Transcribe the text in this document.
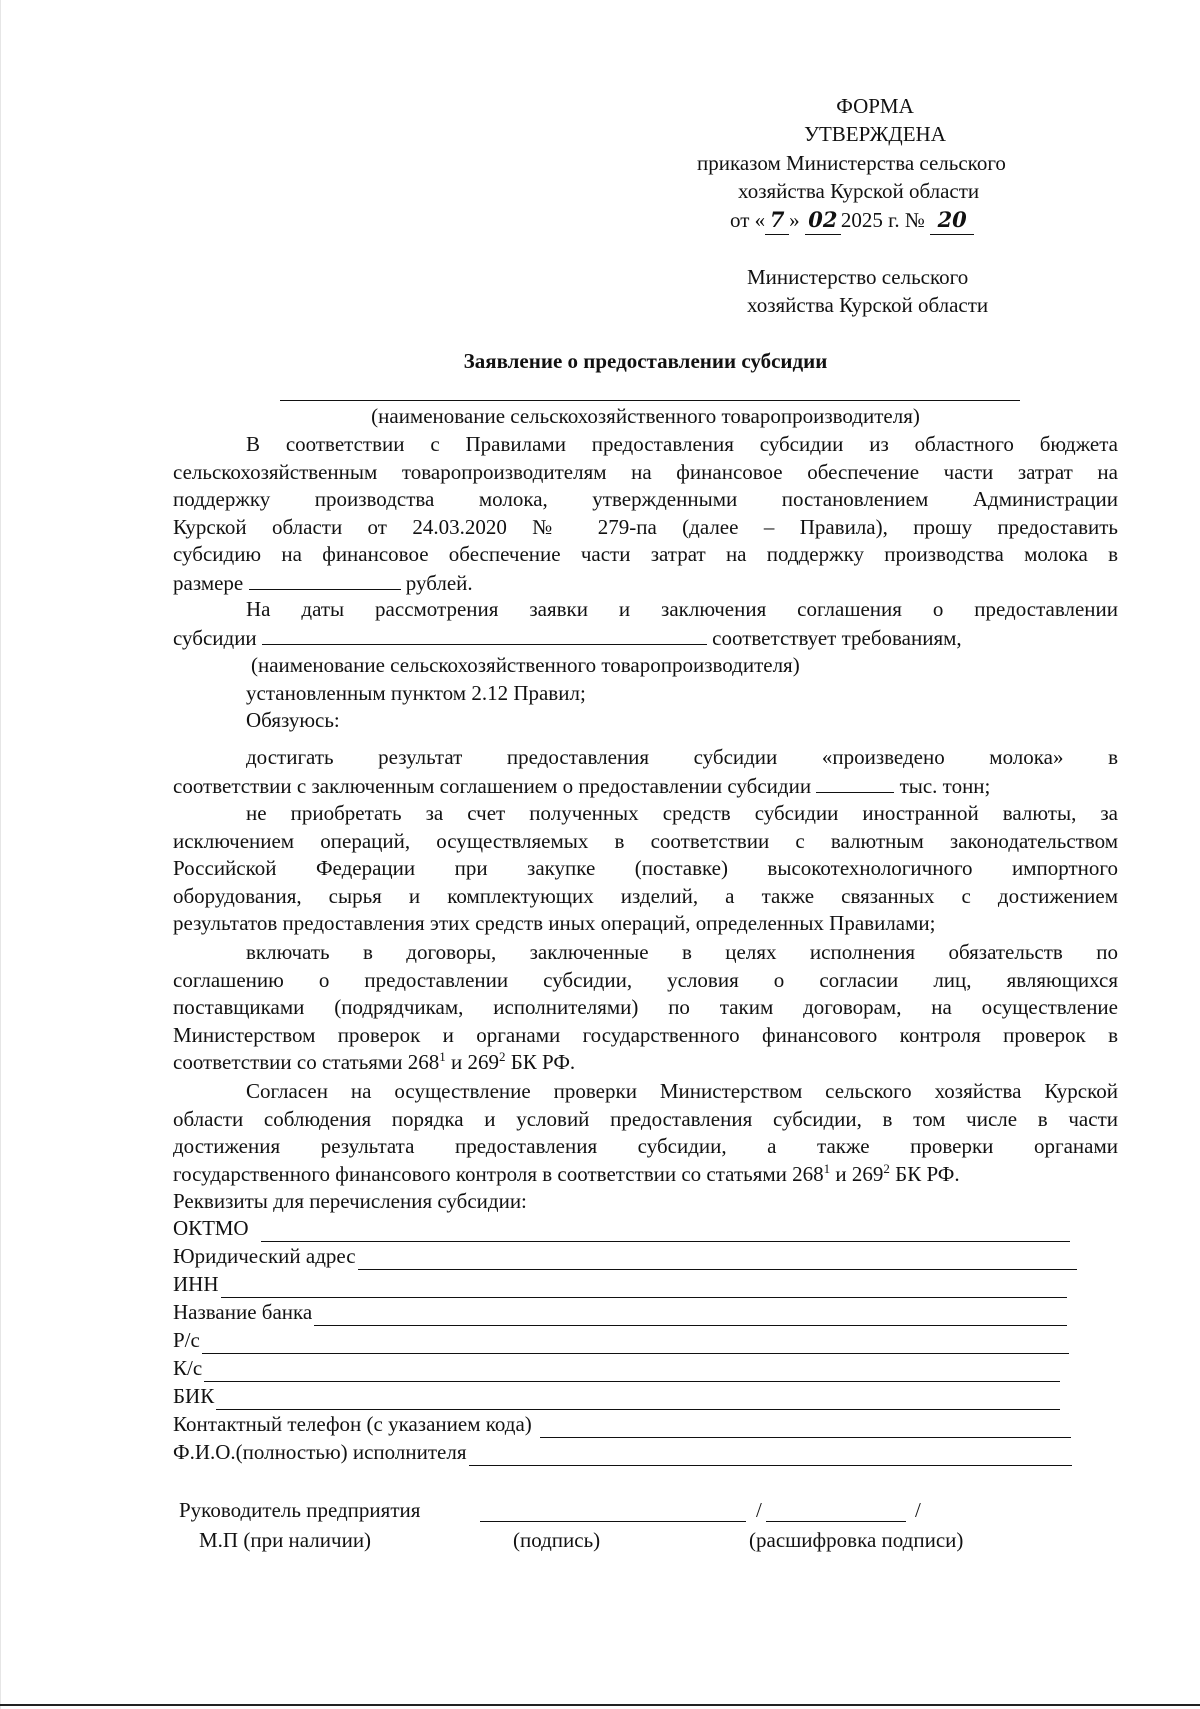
ФОРМА
УТВЕРЖДЕНА
приказом Министерства сельского
хозяйства Курской области
от « 7 » 02 2025 г. № 20
Министерство сельского
хозяйства Курской области
Заявление о предоставлении субсидии
(наименование сельскохозяйственного товаропроизводителя)
В соответствии с Правилами предоставления субсидии из областного бюджета
сельскохозяйственным товаропроизводителям на финансовое обеспечение части затрат на
поддержку производства молока, утвержденными постановлением Администрации
Курской области от 24.03.2020 № 279-па (далее – Правила), прошу предоставить
субсидию на финансовое обеспечение части затрат на поддержку производства молока в
размере	рублей.
На даты рассмотрения заявки и заключения соглашения о предоставлении
субсидии	соответствует требованиям,
(наименование сельскохозяйственного товаропроизводителя)
установленным пунктом 2.12 Правил;
Обязуюсь:
достигать результат предоставления субсидии «произведено молока» в
соответствии с заключенным соглашением о предоставлении субсидии	тыс. тонн;
не приобретать за счет полученных средств субсидии иностранной валюты, за
исключением операций, осуществляемых в соответствии с валютным законодательством
Российской Федерации при закупке (поставке) высокотехнологичного импортного
оборудования, сырья и комплектующих изделий, а также связанных с достижением
результатов предоставления этих средств иных операций, определенных Правилами;
включать в договоры, заключенные в целях исполнения обязательств по
соглашению о предоставлении субсидии, условия о согласии лиц, являющихся
поставщиками (подрядчикам, исполнителями) по таким договорам, на осуществление
Министерством проверок и органами государственного финансового контроля проверок в
соответствии со статьями $268^1$ и $269^2$ БК РФ.
Согласен на осуществление проверки Министерством сельского хозяйства Курской
области соблюдения порядка и условий предоставления субсидии, в том числе в части
достижения результата предоставления субсидии, а также проверки органами
государственного финансового контроля в соответствии со статьями $268^1$ и $269^2$ БК РФ.
Реквизиты для перечисления субсидии:
ОКТМО
Юридический адрес
ИНН
Название банка
Р/с
К/с
БИК
Контактный телефон (с указанием кода)
Ф.И.О.(полностью) исполнителя
Руководитель предприятия	/	/
М.П (при наличии)	(подпись)	(расшифровка подписи)
